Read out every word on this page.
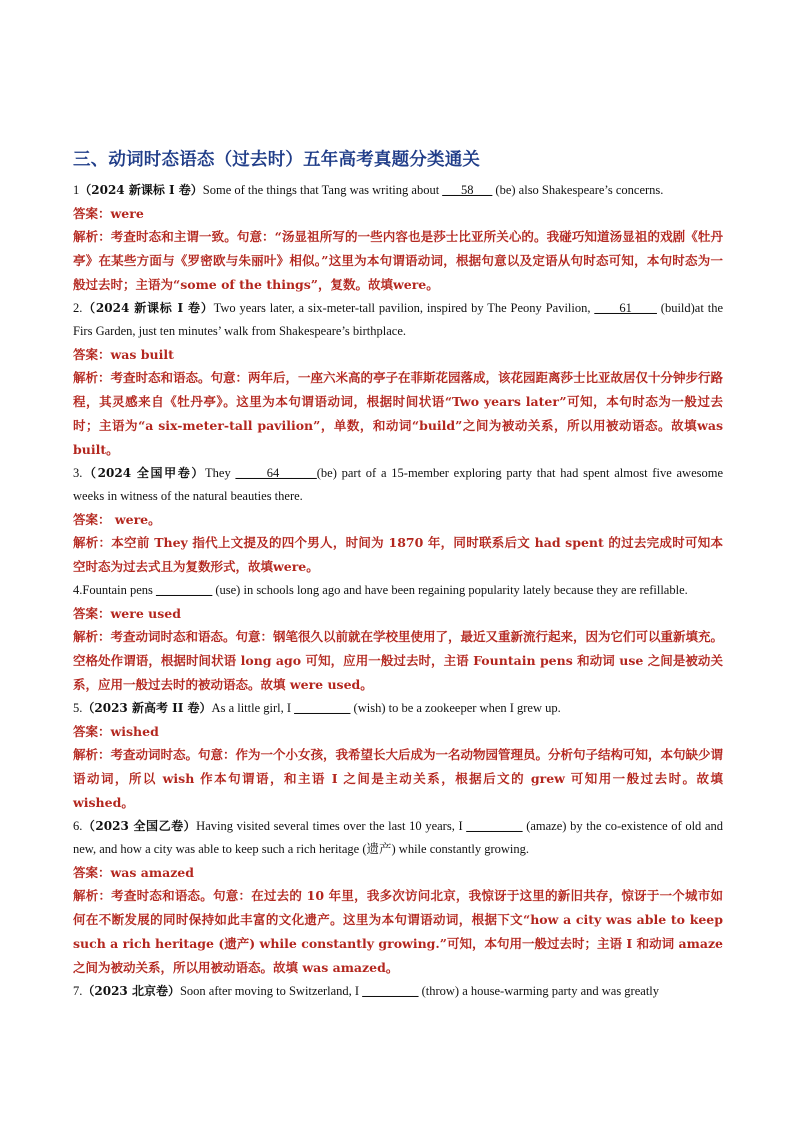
三、动词时态语态（过去时）五年高考真题分类通关
1（2024 新课标 I 卷）Some of the things that Tang was writing about ___58___ (be) also Shakespeare’s concerns.
答案：were
解析：考查时态和主谓一致。句意：“汤显祖所写的一些内容也是莎士比亚所关心的。我碰巧知道汤显祖的戏剧《牡丹亭》在某些方面与《罗密欧与朱丽叶》相似。”这里为本句谓语动词，根据句意以及定语从句时态可知，本句时态为一般过去时；主语为“some of the things”，复数。故填were。
2.（2024 新课标 I 卷）Two years later, a six-meter-tall pavilion, inspired by The Peony Pavilion, ____61____ (build)at the Firs Garden, just ten minutes’ walk from Shakespeare’s birthplace.
答案：was built
解析：考查时态和语态。句意：两年后，一座六米高的亭子在菲斯花园落成，该花园距离莎士比亚故居仅十分钟步行路程，其灵感来自《牡丹亭》。这里为本句谓语动词，根据时间状语“Two years later”可知，本句时态为一般过去时；主语为“a six-meter-tall pavilion”，单数，和动词“build”之间为被动关系，所以用被动语态。故填was built。
3.（2024 全国甲卷）They _____64______(be) part of a 15-member exploring party that had spent almost five awesome weeks in witness of the natural beauties there.
答案： were。
解析：本空前 They 指代上文提及的四个男人，时间为 1870 年，同时联系后文 had spent 的过去完成时可知本空时态为过去式且为复数形式，故填were。
4.Fountain pens _________ (use) in schools long ago and have been regaining popularity lately because they are refillable.
答案：were used
解析：考查动词时态和语态。句意：钢笔很久以前就在学校里使用了，最近又重新流行起来，因为它们可以重新填充。空格处作谓语，根据时间状语 long ago 可知，应用一般过去时，主语 Fountain pens 和动词 use 之间是被动关系，应用一般过去时的被动语态。故填 were used。
5.（2023 新高考 II 卷）As a little girl, I _________ (wish) to be a zookeeper when I grew up.
答案：wished
解析：考查动词时态。句意：作为一个小女孩，我希望长大后成为一名动物园管理员。分析句子结构可知，本句缺少谓语动词，所以 wish 作本句谓语，和主语 I 之间是主动关系，根据后文的 grew 可知用一般过去时。故填 wished。
6.（2023 全国乙卷）Having visited several times over the last 10 years, I _________ (amaze) by the co-existence of old and new, and how a city was able to keep such a rich heritage (遗产) while constantly growing.
答案：was amazed
解析：考查时态和语态。句意：在过去的 10 年里，我多次访问北京，我惊讶于这里的新旧共存，惊讶于一个城市如何在不断发展的同时保持如此丰富的文化遗产。这里为本句谓语动词，根据下文“how a city was able to keep such a rich heritage (遗产) while constantly growing.”可知，本句用一般过去时；主语 I 和动词 amaze 之间为被动关系，所以用被动语态。故填 was amazed。
7.（2023 北京卷）Soon after moving to Switzerland, I _________ (throw) a house-warming party and was greatly
